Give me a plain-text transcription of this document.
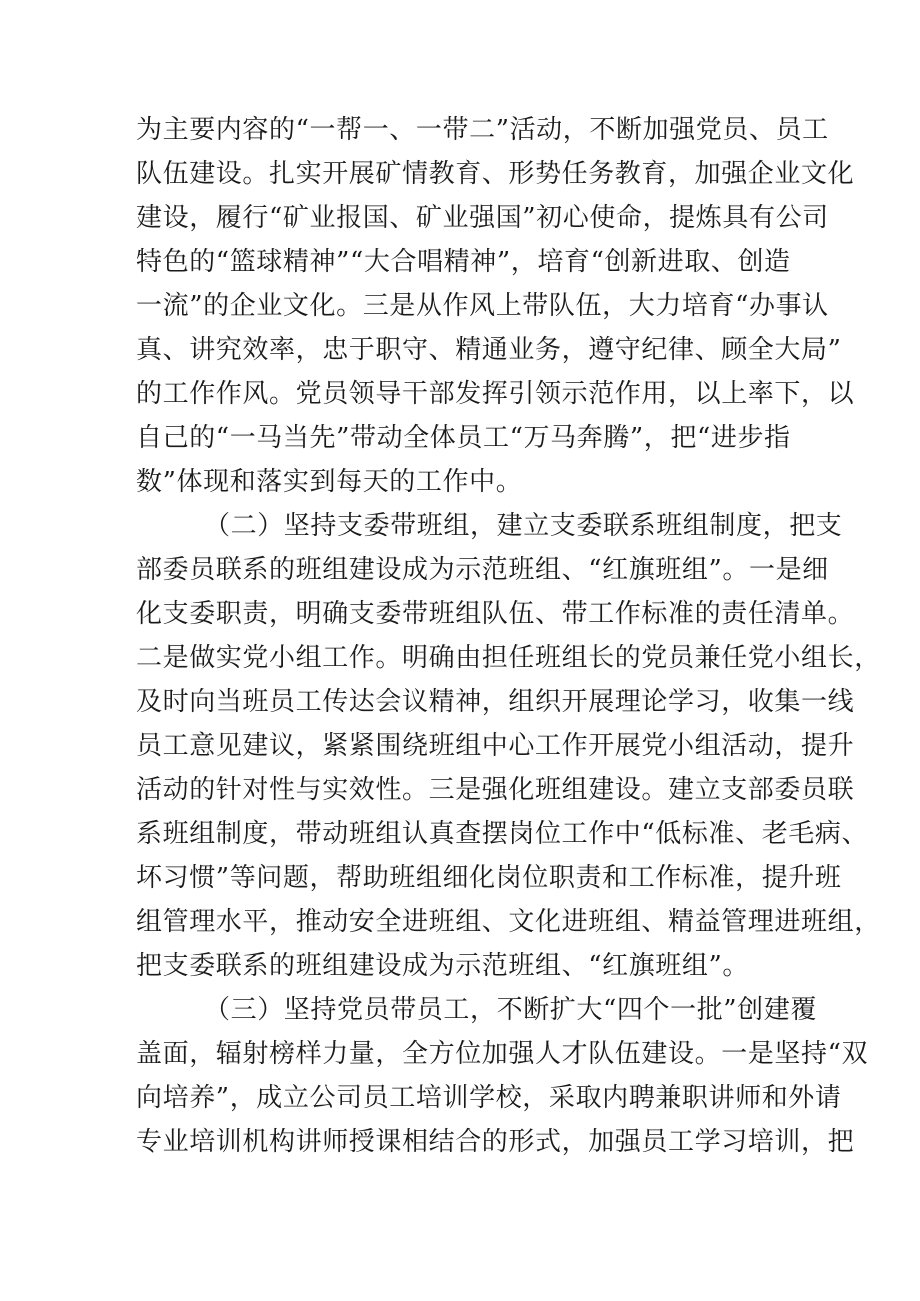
为主要内容的“一帮一、一带二”活动，不断加强党员、员工
队伍建设。扎实开展矿情教育、形势任务教育，加强企业文化
建设，履行“矿业报国、矿业强国”初心使命，提炼具有公司
特色的“篮球精神”“大合唱精神”，培育“创新进取、创造
一流”的企业文化。三是从作风上带队伍，大力培育“办事认
真、讲究效率，忠于职守、精通业务，遵守纪律、顾全大局”
的工作作风。党员领导干部发挥引领示范作用，以上率下，以
自己的“一马当先”带动全体员工“万马奔腾”，把“进步指
数”体现和落实到每天的工作中。

（二）坚持支委带班组，建立支委联系班组制度，把支
部委员联系的班组建设成为示范班组、“红旗班组”。一是细
化支委职责，明确支委带班组队伍、带工作标准的责任清单。
二是做实党小组工作。明确由担任班组长的党员兼任党小组长，
及时向当班员工传达会议精神，组织开展理论学习，收集一线
员工意见建议，紧紧围绕班组中心工作开展党小组活动，提升
活动的针对性与实效性。三是强化班组建设。建立支部委员联
系班组制度，带动班组认真查摆岗位工作中“低标准、老毛病、
坏习惯”等问题，帮助班组细化岗位职责和工作标准，提升班
组管理水平，推动安全进班组、文化进班组、精益管理进班组，
把支委联系的班组建设成为示范班组、“红旗班组”。

（三）坚持党员带员工，不断扩大“四个一批”创建覆
盖面，辐射榜样力量，全方位加强人才队伍建设。一是坚持“双
向培养”，成立公司员工培训学校，采取内聘兼职讲师和外请
专业培训机构讲师授课相结合的形式，加强员工学习培训，把
